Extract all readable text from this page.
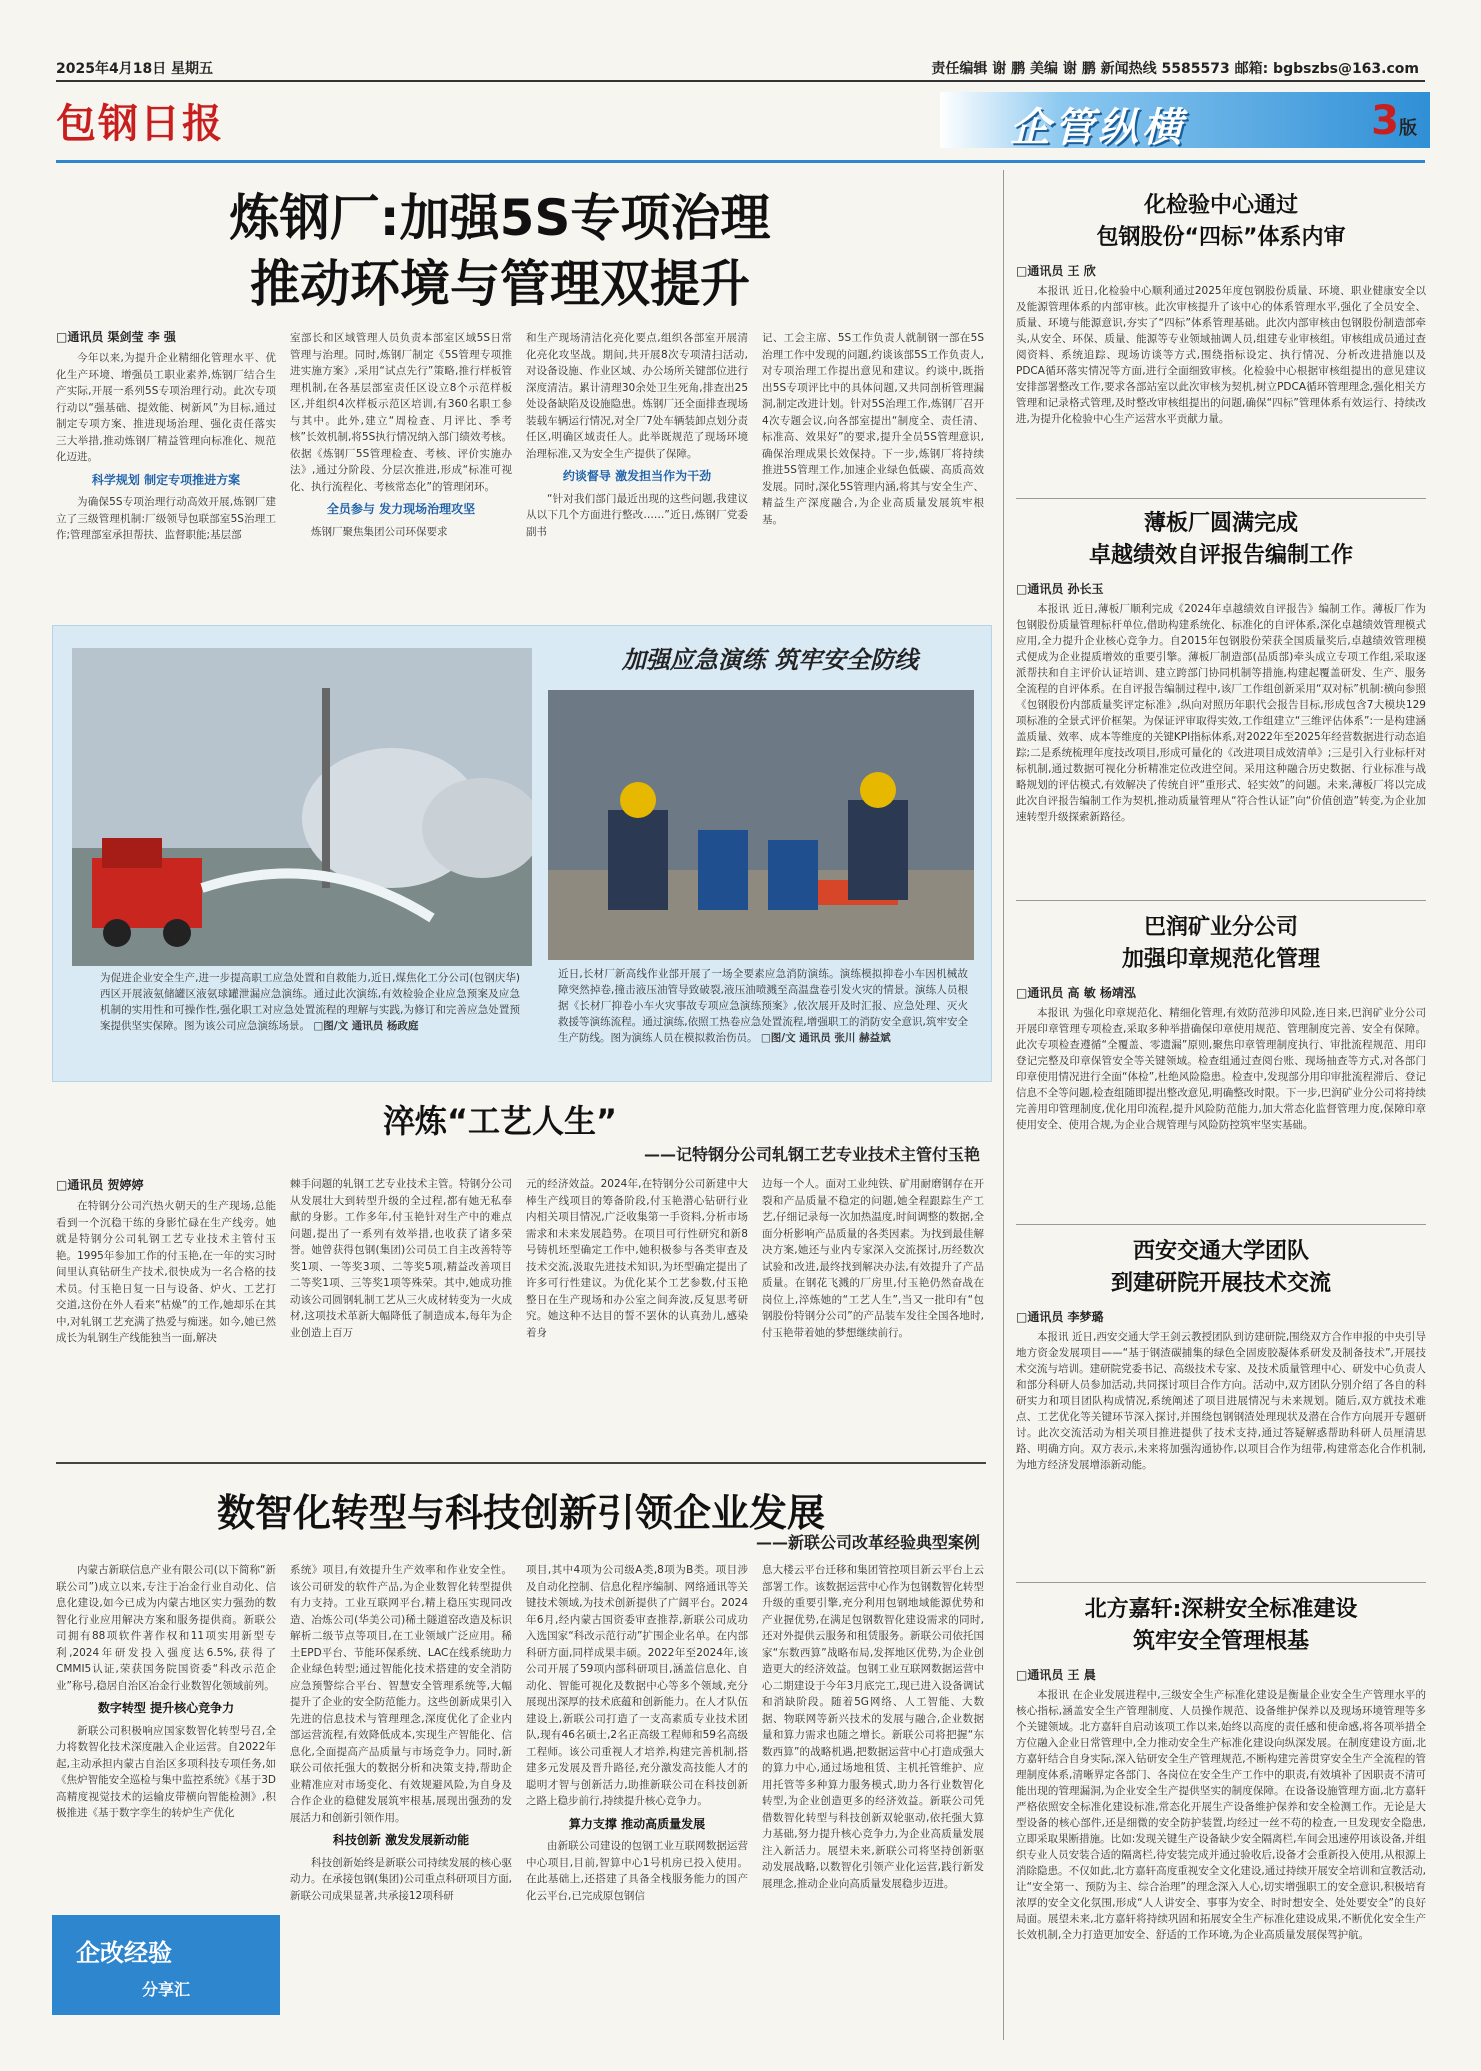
2025年4月18日 星期五	责任编辑 谢 鹏 美编 谢 鹏 新闻热线 5585573 邮箱: bgbszbs@163.com
包钢日报	企管纵横	3版
炼钢厂:加强5S专项治理
推动环境与管理双提升
□通讯员 渠剑莹 李 强

今年以来,为提升企业精细化管理水平、优化生产环境、增强员工职业素养,炼钢厂结合生产实际,开展一系列5S专项治理行动。此次专项行动以“强基础、提效能、树新风”为目标,通过制定专项方案、推进现场治理、强化责任落实三大举措,推动炼钢厂精益管理向标准化、规范化迈进。

科学规划 制定专项推进方案

为确保5S专项治理行动高效开展,炼钢厂建立了三级管理机制:厂级领导包联部室5S治理工作;管理部室承担帮扶、监督职能;基层部

室部长和区域管理人员负责本部室区域5S日常管理与治理。同时,炼钢厂制定《5S管理专项推进实施方案》,采用“试点先行”策略,推行样板管理机制,在各基层部室责任区设立8个示范样板区,并组织4次样板示范区培训,有360名职工参与其中。此外,建立“周检查、月评比、季考核”长效机制,将5S执行情况纳入部门绩效考核。依据《炼钢厂5S管理检查、考核、评价实施办法》,通过分阶段、分层次推进,形成“标准可视化、执行流程化、考核常态化”的管理闭环。

全员参与 发力现场治理攻坚

炼钢厂聚焦集团公司环保要求

和生产现场清洁化亮化要点,组织各部室开展清化亮化攻坚战。期间,共开展8次专项清扫活动,对设备设施、作业区域、办公场所关键部位进行深度清洁。累计清理30余处卫生死角,排查出25处设备缺陷及设施隐患。炼钢厂还全面排查现场装载车辆运行情况,对全厂7处车辆装卸点划分责任区,明确区域责任人。此举既规范了现场环境治理标准,又为安全生产提供了保障。

约谈督导 激发担当作为干劲

“针对我们部门最近出现的这些问题,我建议从以下几个方面进行整改……”近日,炼钢厂党委副书

记、工会主席、5S工作负责人就制钢一部在5S治理工作中发现的问题,约谈该部5S工作负责人,对专项治理工作提出意见和建议。约谈中,既指出5S专项评比中的具体问题,又共同剖析管理漏洞,制定改进计划。针对5S治理工作,炼钢厂召开4次专题会议,向各部室提出“制度全、责任清、标准高、效果好”的要求,提升全员5S管理意识,确保治理成果长效保持。下一步,炼钢厂将持续推进5S管理工作,加速企业绿色低碳、高质高效发展。同时,深化5S管理内涵,将其与安全生产、精益生产深度融合,为企业高质量发展筑牢根基。

加强应急演练 筑牢安全防线
为促进企业安全生产,进一步提高职工应急处置和自救能力,近日,煤焦化工分公司(包钢庆华)西区开展液氨储罐区液氨球罐泄漏应急演练。通过此次演练,有效检验企业应急预案及应急机制的实用性和可操作性,强化职工对应急处置流程的理解与实践,为修订和完善应急处置预案提供坚实保障。图为该公司应急演练场景。 □图/文 通讯员 杨政庭
近日,长材厂新高线作业部开展了一场全要素应急消防演练。演练模拟抑卷小车因机械故障突然掉卷,撞击液压油管导致破裂,液压油喷溅至高温盘卷引发火灾的情景。演练人员根据《长材厂抑卷小车火灾事故专项应急演练预案》,依次展开及时汇报、应急处理、灭火救援等演练流程。通过演练,依照工热卷应急处置流程,增强职工的消防安全意识,筑牢安全生产防线。图为演练人员在模拟救治伤员。 □图/文 通讯员 张川 赫益斌
淬炼“工艺人生”
——记特钢分公司轧钢工艺专业技术主管付玉艳
□通讯员 贺婷婷

在特钢分公司汽热火朝天的生产现场,总能看到一个沉稳干练的身影忙碌在生产线旁。她就是特钢分公司轧钢工艺专业技术主管付玉艳。1995年参加工作的付玉艳,在一年的实习时间里认真钻研生产技术,很快成为一名合格的技术员。付玉艳日复一日与设备、炉火、工艺打交道,这份在外人看来“枯燥”的工作,她却乐在其中,对轧钢工艺充满了热爱与痴迷。如今,她已然成长为轧钢生产线能独当一面,解决

棘手问题的轧钢工艺专业技术主管。特钢分公司从发展壮大到转型升级的全过程,都有她无私奉献的身影。工作多年,付玉艳针对生产中的难点问题,提出了一系列有效举措,也收获了诸多荣誉。她曾获得包钢(集团)公司员工自主改善特等奖1项、一等奖3项、二等奖5项,精益改善项目二等奖1项、三等奖1项等殊荣。其中,她成功推动该公司圆钢轧制工艺从三火成材转变为一火成材,这项技术革新大幅降低了制造成本,每年为企业创造上百万

元的经济效益。2024年,在特钢分公司新建中大棒生产线项目的筹备阶段,付玉艳潜心钻研行业内相关项目情况,广泛收集第一手资料,分析市场需求和未来发展趋势。在项目可行性研究和新8号铸机坯型确定工作中,她积极参与各类审查及技术交流,汲取先进技术知识,为坯型确定提出了许多可行性建议。为优化某个工艺参数,付玉艳整日在生产现场和办公室之间奔波,反复思考研究。她这种不达目的誓不罢休的认真劲儿,感染着身

边每一个人。面对工业纯铁、矿用耐磨钢存在开裂和产品质量不稳定的问题,她全程跟踪生产工艺,仔细记录每一次加热温度,时间调整的数据,全面分析影响产品质量的各类因素。为找到最佳解决方案,她还与业内专家深入交流探讨,历经数次试验和改进,最终找到解决办法,有效提升了产品质量。在钢花飞溅的厂房里,付玉艳仍然奋战在岗位上,淬炼她的“工艺人生”,当又一批印有“包钢股份特钢分公司”的产品装车发往全国各地时,付玉艳带着她的梦想继续前行。

数智化转型与科技创新引领企业发展
——新联公司改革经验典型案例

内蒙古新联信息产业有限公司(以下简称“新联公司”)成立以来,专注于冶金行业自动化、信息化建设,如今已成为内蒙古地区实力强劲的数智化行业应用解决方案和服务提供商。新联公司拥有88项软件著作权和11项实用新型专利,2024年研发投入强度达6.5%,获得了CMMI5认证,荣获国务院国资委“科改示范企业”称号,稳居自治区冶金行业数智化领域前列。

数字转型 提升核心竞争力

新联公司积极响应国家数智化转型号召,全力将数智化技术深度融入企业运营。自2022年起,主动承担内蒙古自治区多项科技专项任务,如《焦炉智能安全巡检与集中监控系统》《基于3D高精度视觉技术的运输皮带横向智能检测》,积极推进《基于数字孪生的转炉生产优化

企改经验
分享汇

系统》项目,有效提升生产效率和作业安全性。该公司研发的软件产品,为企业数智化转型提供有力支持。工业互联网平台,精上稳压实现同改造、冶炼公司(华美公司)稀土隧道窑改造及标识解析二级节点等项目,在工业领域广泛应用。稀土EPD平台、节能环保系统、LAC在线系统助力企业绿色转型;通过智能化技术搭建的安全消防应急预警综合平台、智慧安全管理系统等,大幅提升了企业的安全防范能力。这些创新成果引入先进的信息技术与管理理念,深度优化了企业内部运营流程,有效降低成本,实现生产智能化、信息化,全面提高产品质量与市场竞争力。同时,新联公司依托强大的数据分析和决策支持,帮助企业精准应对市场变化、有效规避风险,为自身及合作企业的稳健发展筑牢根基,展现出强劲的发展活力和创新引领作用。

科技创新 激发发展新动能

科技创新始终是新联公司持续发展的核心驱动力。在承接包钢(集团)公司重点科研项目方面,新联公司成果显著,共承接12项科研

项目,其中4项为公司级A类,8项为B类。项目涉及自动化控制、信息化程序编制、网络通讯等关键技术领域,为技术创新提供了广阔平台。2024年6月,经内蒙古国资委审查推荐,新联公司成功入选国家“科改示范行动”扩围企业名单。在内部科研方面,同样成果丰硕。2022年至2024年,该公司开展了59项内部科研项目,涵盖信息化、自动化、智能可视化及数据中心等多个领域,充分展现出深厚的技术底蕴和创新能力。在人才队伍建设上,新联公司打造了一支高素质专业技术团队,现有46名硕士,2名正高级工程师和59名高级工程师。该公司重视人才培养,构建完善机制,搭建多元发展及晋升路径,充分激发高技能人才的聪明才智与创新活力,助推新联公司在科技创新之路上稳步前行,持续提升核心竞争力。

算力支撑 推动高质量发展

由新联公司建设的包钢工业互联网数据运营中心项目,目前,智算中心1号机房已投入使用。在此基础上,还搭建了具备全栈服务能力的国产化云平台,已完成原包钢信

息大楼云平台迁移和集团管控项目新云平台上云部署工作。该数据运营中心作为包钢数智化转型升级的重要引擎,充分利用包钢地域能源优势和产业握优势,在满足包钢数智化建设需求的同时,还对外提供云服务和租赁服务。新联公司依托国家“东数西算”战略布局,发挥地区优势,为企业创造更大的经济效益。包钢工业互联网数据运营中心二期建设于今年3月底完工,现已进入设备调试和消缺阶段。随着5G网络、人工智能、大数据、物联网等新兴技术的发展与融合,企业数据量和算力需求也随之增长。新联公司将把握“东数西算”的战略机遇,把数据运营中心打造成强大的算力中心,通过场地租赁、主机托管维护、应用托管等多种算力服务模式,助力各行业数智化转型,为企业创造更多的经济效益。新联公司凭借数智化转型与科技创新双轮驱动,依托强大算力基础,努力提升核心竞争力,为企业高质量发展注入新活力。展望未来,新联公司将坚持创新驱动发展战略,以数智化引领产业化运营,践行新发展理念,推动企业向高质量发展稳步迈进。

化检验中心通过
包钢股份“四标”体系内审
□通讯员 王 欣

本报讯 近日,化检验中心顺利通过2025年度包钢股份质量、环境、职业健康安全以及能源管理体系的内部审核。此次审核提升了该中心的体系管理水平,强化了全员安全、质量、环境与能源意识,夯实了“四标”体系管理基础。此次内部审核由包钢股份制造部牵头,从安全、环保、质量、能源等专业领域抽调人员,组建专业审核组。审核组成员通过查阅资料、系统追踪、现场访谈等方式,围绕指标设定、执行情况、分析改进措施以及PDCA循环落实情况等方面,进行全面细致审核。化检验中心根据审核组提出的意见建议安排部署整改工作,要求各部站室以此次审核为契机,树立PDCA循环管理理念,强化相关方管理和记录格式管理,及时整改审核组提出的问题,确保“四标”管理体系有效运行、持续改进,为提升化检验中心生产运营水平贡献力量。

薄板厂圆满完成
卓越绩效自评报告编制工作
□通讯员 孙长玉

本报讯 近日,薄板厂顺利完成《2024年卓越绩效自评报告》编制工作。薄板厂作为包钢股份质量管理标杆单位,借助构建系统化、标准化的自评体系,深化卓越绩效管理模式应用,全力提升企业核心竞争力。自2015年包钢股份荣获全国质量奖后,卓越绩效管理模式便成为企业提质增效的重要引擎。薄板厂制造部(品质部)牵头成立专项工作组,采取逐派帮扶和自主评价认证培训、建立跨部门协同机制等措施,构建起覆盖研发、生产、服务全流程的自评体系。在自评报告编制过程中,该厂工作组创新采用“双对标”机制:横向参照《包钢股份内部质量奖评定标准》,纵向对照历年职代会报告目标,形成包含7大模块129项标准的全景式评价框架。为保证评审取得实效,工作组建立“三维评估体系”:一是构建涵盖质量、效率、成本等维度的关键KPI指标体系,对2022年至2025年经营数据进行动态追踪;二是系统梳理年度技改项目,形成可量化的《改进项目成效清单》;三是引入行业标杆对标机制,通过数据可视化分析精准定位改进空间。采用这种融合历史数据、行业标准与战略规划的评估模式,有效解决了传统自评“重形式、轻实效”的问题。未来,薄板厂将以完成此次自评报告编制工作为契机,推动质量管理从“符合性认证”向“价值创造”转变,为企业加速转型升级探索新路径。

巴润矿业分公司
加强印章规范化管理
□通讯员 高 敏 杨靖泓

本报讯 为强化印章规范化、精细化管理,有效防范涉印风险,连日来,巴润矿业分公司开展印章管理专项检查,采取多种举措确保印章使用规范、管理制度完善、安全有保障。此次专项检查遵循“全覆盖、零遗漏”原则,聚焦印章管理制度执行、审批流程规范、用印登记完整及印章保管安全等关键领域。检查组通过查阅台账、现场抽查等方式,对各部门印章使用情况进行全面“体检”,杜绝风险隐患。检查中,发现部分用印审批流程滞后、登记信息不全等问题,检查组随即提出整改意见,明确整改时限。下一步,巴润矿业分公司将持续完善用印管理制度,优化用印流程,提升风险防范能力,加大常态化监督管理力度,保障印章使用安全、使用合规,为企业合规管理与风险防控筑牢坚实基础。

西安交通大学团队
到建研院开展技术交流
□通讯员 李梦璐

本报讯 近日,西安交通大学王剑云教授团队到访建研院,围绕双方合作申报的中央引导地方资金发展项目——“基于钢渣碳捕集的绿色全固废胶凝体系研发及制备技术”,开展技术交流与培训。建研院党委书记、高级技术专家、及技术质量管理中心、研发中心负责人和部分科研人员参加活动,共同探讨项目合作方向。活动中,双方团队分别介绍了各自的科研实力和项目团队构成情况,系统阐述了项目进展情况与未来规划。随后,双方就技术难点、工艺优化等关键环节深入探讨,并围绕包钢钢渣处理现状及潜在合作方向展开专题研讨。此次交流活动为相关项目推进提供了技术支持,通过答疑解惑帮助科研人员厘清思路、明确方向。双方表示,未来将加强沟通协作,以项目合作为纽带,构建常态化合作机制,为地方经济发展增添新动能。

北方嘉轩:深耕安全标准建设
筑牢安全管理根基
□通讯员 王 晨

本报讯 在企业发展进程中,三级安全生产标准化建设是衡量企业安全生产管理水平的核心指标,涵盖安全生产管理制度、人员操作规范、设备维护保养以及现场环境管理等多个关键领域。北方嘉轩自启动该项工作以来,始终以高度的责任感和使命感,将各项举措全方位融入企业日常管理中,全力推动安全生产标准化建设向纵深发展。在制度建设方面,北方嘉轩结合自身实际,深入钻研安全生产管理规范,不断构建完善贯穿安全生产全流程的管理制度体系,清晰界定各部门、各岗位在安全生产工作中的职责,有效填补了因职责不清可能出现的管理漏洞,为企业安全生产提供坚实的制度保障。在设备设施管理方面,北方嘉轩严格依照安全标准化建设标准,常态化开展生产设备维护保养和安全检测工作。无论是大型设备的核心部件,还是细微的安全防护装置,均经过一丝不苟的检查,一旦发现安全隐患,立即采取果断措施。比如:发现关键生产设备缺少安全隔离栏,车间会迅速停用该设备,并组织专业人员安装合适的隔离栏,待安装完成并通过验收后,设备才会重新投入使用,从根源上消除隐患。不仅如此,北方嘉轩高度重视安全文化建设,通过持续开展安全培训和宣教活动,让“安全第一、预防为主、综合治理”的理念深入人心,切实增强职工的安全意识,积极培育浓厚的安全文化氛围,形成“人人讲安全、事事为安全、时时想安全、处处要安全”的良好局面。展望未来,北方嘉轩将持续巩固和拓展安全生产标准化建设成果,不断优化安全生产长效机制,全力打造更加安全、舒适的工作环境,为企业高质量发展保驾护航。
